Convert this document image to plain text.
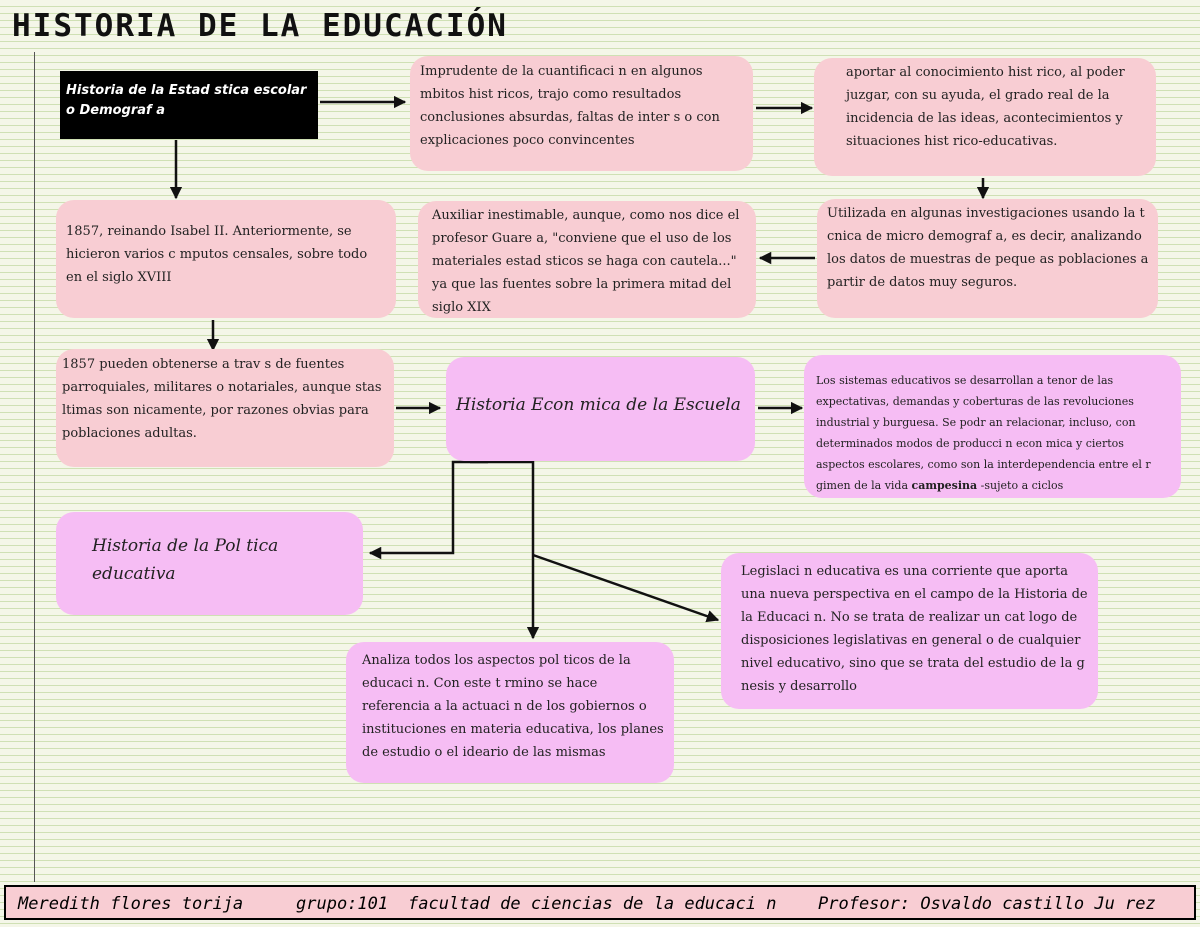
HISTORIA DE LA EDUCACIÓN
Historia de la Estad stica escolar o Demograf a
Imprudente de la cuantificaci n en algunos mbitos hist ricos, trajo como resultados conclusiones absurdas, faltas de inter s o con explicaciones poco convincentes
aportar al conocimiento hist rico, al poder juzgar, con su ayuda, el grado real de la incidencia de las ideas, acontecimientos y situaciones hist rico-educativas.
1857, reinando Isabel II. Anteriormente, se hicieron varios c mputos censales, sobre todo en el siglo XVIII
Auxiliar inestimable, aunque, como nos dice el profesor Guare a, "conviene que el uso de los materiales estad sticos se haga con cautela..." ya que las fuentes sobre la primera mitad del siglo XIX
Utilizada en algunas investigaciones usando la t cnica de micro demograf a, es decir, analizando los datos de muestras de peque as poblaciones a partir de datos muy seguros.
1857 pueden obtenerse a trav s de fuentes parroquiales, militares o notariales, aunque stas ltimas son nicamente, por razones obvias para poblaciones adultas.
Historia Econ mica de la Escuela
Los sistemas educativos se desarrollan a tenor de las expectativas, demandas y coberturas de las revoluciones industrial y burguesa. Se podr an relacionar, incluso, con determinados modos de producci n econ mica y ciertos aspectos escolares, como son la interdependencia entre el r gimen de la vida campesina -sujeto a ciclos
Historia de la Pol tica educativa	Legislaci n educativa es una corriente que aporta una nueva perspectiva en el campo de la Historia de la Educaci n. No se trata de realizar un cat logo de disposiciones legislativas en general o de cualquier nivel educativo, sino que se trata del estudio de la g nesis y desarrollo
Analiza todos los aspectos pol ticos de la educaci n. Con este t rmino se hace referencia a la actuaci n de los gobiernos o instituciones en materia educativa, los planes de estudio o el ideario de las mismas
Meredith flores torija	grupo:101 facultad de ciencias de la educaci n Profesor: Osvaldo castillo Ju rez
